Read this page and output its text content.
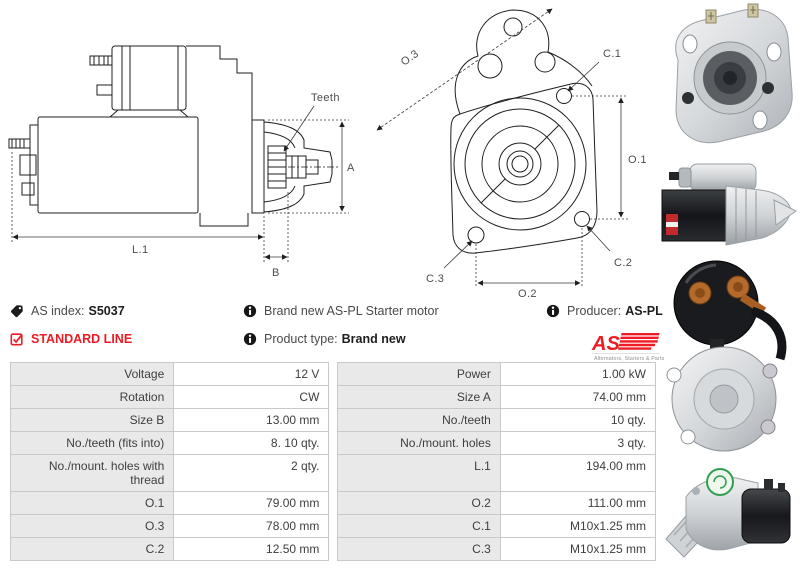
Teeth
A
L.1
B
O.3	C.1
O.1
C.3
C.2
O.2
AS index: S5037
STANDARD LINE
Brand new AS-PL Starter motor
Product type: Brand new
Producer: AS-PL
AS
Alternators, Starters & Parts
Voltage	12 V		Power	1.00 kW
Rotation	CW		Size A	74.00 mm
Size B	13.00 mm		No./teeth	10 qty.
No./teeth (fits into)	8. 10 qty.		No./mount. holes	3 qty.
No./mount. holes with thread	2 qty.		L.1	194.00 mm
O.1	79.00 mm		O.2	111.00 mm
O.3	78.00 mm		C.1	M10x1.25 mm
C.2	12.50 mm		C.3	M10x1.25 mm
